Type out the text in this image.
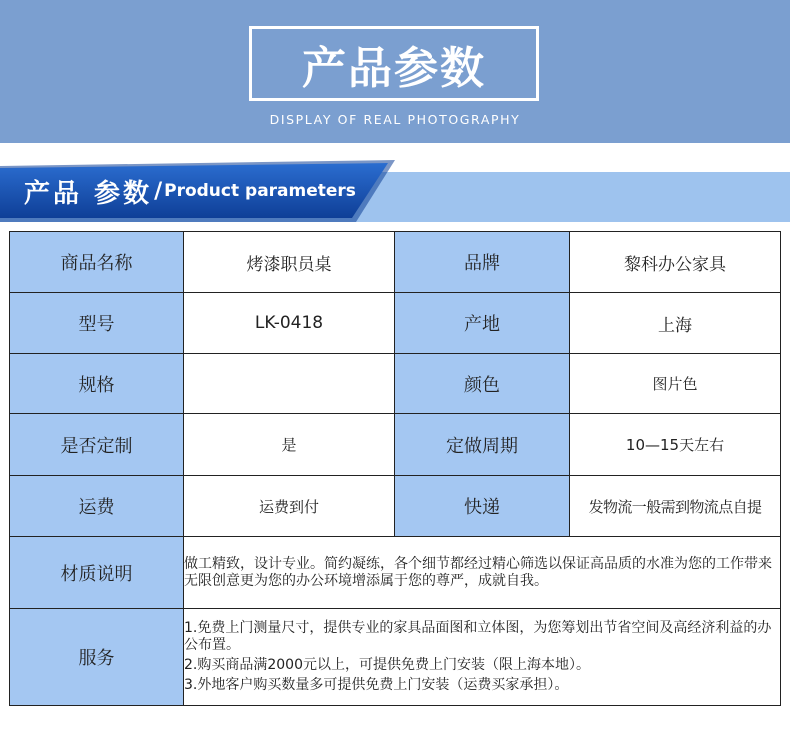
产品参数
DISPLAY OF REAL PHOTOGRAPHY
产品 参数 / Product parameters
商品名称	烤漆职员桌	品牌	黎科办公家具
型号	LK-0418	产地	上海
规格		颜色	图片色
是否定制	是	定做周期	10—15天左右
运费	运费到付	快递	发物流一般需到物流点自提
材质说明	做工精致，设计专业。简约凝练，各个细节都经过精心筛选以保证高品质的水准为您的工作带来无限创意更为您的办公环境增添属于您的尊严，成就自我。		

服务	1.免费上门测量尺寸，提供专业的家具品面图和立体图，为您筹划出节省空间及高经济利益的办公布置。

2.购买商品满2000元以上，可提供免费上门安装（限上海本地）。

3.外地客户购买数量多可提供免费上门安装（运费买家承担）。		
